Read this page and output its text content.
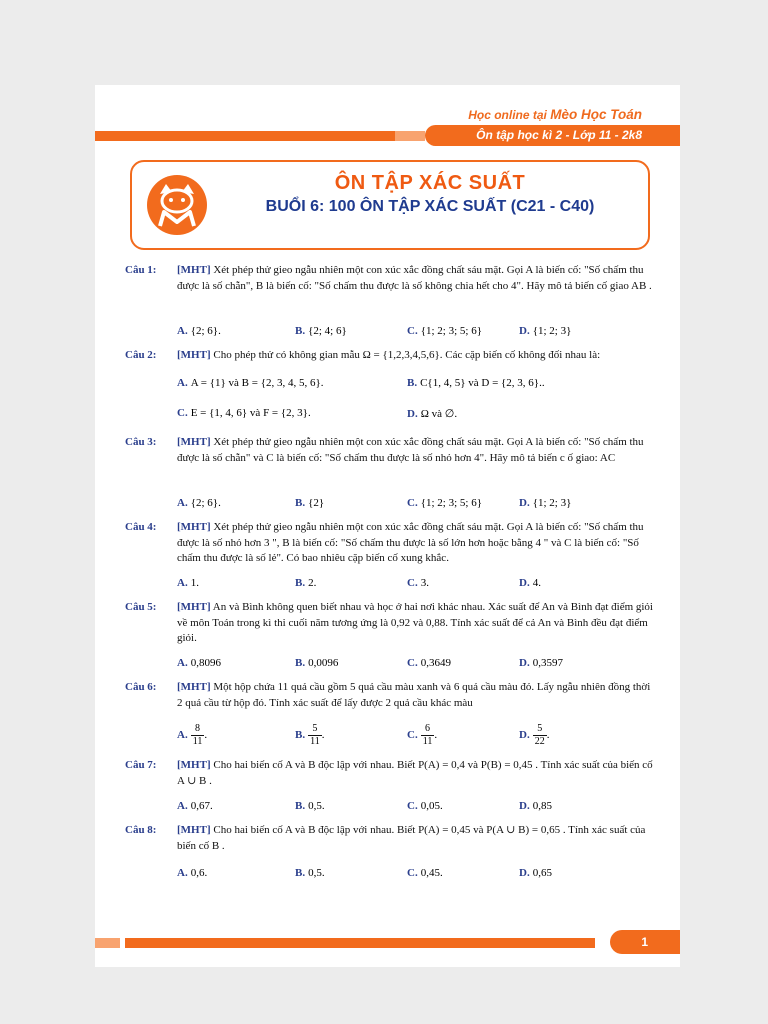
Học online tại Mèo Học Toán
Ôn tập học kì 2 - Lớp 11 - 2k8
ÔN TẬP XÁC SUẤT
BUỔI 6: 100 ÔN TẬP XÁC SUẤT (C21 - C40)
Câu 1:	[MHT] Xét phép thử gieo ngẫu nhiên một con xúc xắc đồng chất sáu mặt. Gọi A là biến cố: "Số chấm thu được là số chẵn", B là biến cố: "Số chấm thu được là số không chia hết cho 4". Hãy mô tả biến cố giao AB .
Câu 2:	[MHT] Cho phép thử có không gian mẫu Ω = {1,2,3,4,5,6}. Các cặp biến cố không đối nhau là:
Câu 3:	[MHT] Xét phép thử gieo ngẫu nhiên một con xúc xắc đồng chất sáu mặt. Gọi A là biến cố: "Số chấm thu được là số chẵn" và C là biến cố: "Số chấm thu được là số nhỏ hơn 4". Hãy mô tả biến c ố giao: AC
Câu 4:	[MHT] Xét phép thử gieo ngẫu nhiên một con xúc xắc đồng chất sáu mặt. Gọi A là biến cố: "Số chấm thu được là số nhỏ hơn 3 ", B là biến cố: "Số chấm thu được là số lớn hơn hoặc bằng 4 " và C là biến cố: "Số chấm thu được là số lẻ". Có bao nhiêu cặp biến cố xung khắc.
Câu 5:	[MHT] An và Bình không quen biết nhau và học ở hai nơi khác nhau. Xác suất để An và Bình đạt điểm giỏi về môn Toán trong kì thi cuối năm tương ứng là 0,92 và 0,88. Tính xác suất để cả An và Bình đều đạt điểm giỏi.
Câu 6:	[MHT] Một hộp chứa 11 quả cầu gồm 5 quả cầu màu xanh và 6 quả cầu màu đỏ. Lấy ngẫu nhiên đồng thời 2 quả cầu từ hộp đó. Tính xác suất để lấy được 2 quả cầu khác màu
Câu 7:	[MHT] Cho hai biến cố A và B độc lập với nhau. Biết P(A) = 0,4 và P(B) = 0,45 . Tính xác suất của biến cố A ∪ B .
Câu 8:	[MHT] Cho hai biến cố A và B độc lập với nhau. Biết P(A) = 0,45 và P(A ∪ B) = 0,65 . Tính xác suất của biến cố B .
1
A. {2; 6}.	B. {2; 4; 6}	C. {1; 2; 3; 5; 6}	D. {1; 2; 3}
A. A = {1} và B = {2, 3, 4, 5, 6}.	B. C{1, 4, 5} và D = {2, 3, 6}..
C. E = {1, 4, 6} và F = {2, 3}.	D. Ω và ∅.
A. {2; 6}.	B. {2}	C. {1; 2; 3; 5; 6}	D. {1; 2; 3}
A. 1.	B. 2.	C. 3.	D. 4.
A. 0,8096	B. 0,0096	C. 0,3649	D. 0,3597
A. $\frac{8}{11}$ .	B. $\frac{5}{11}$ .	C. $\frac{6}{11}$ .	D. $\frac{5}{22}$ .
A. 0,67.	B. 0,5.	C. 0,05.	D. 0,85
A. 0,6.	B. 0,5.	C. 0,45.	D. 0,65
